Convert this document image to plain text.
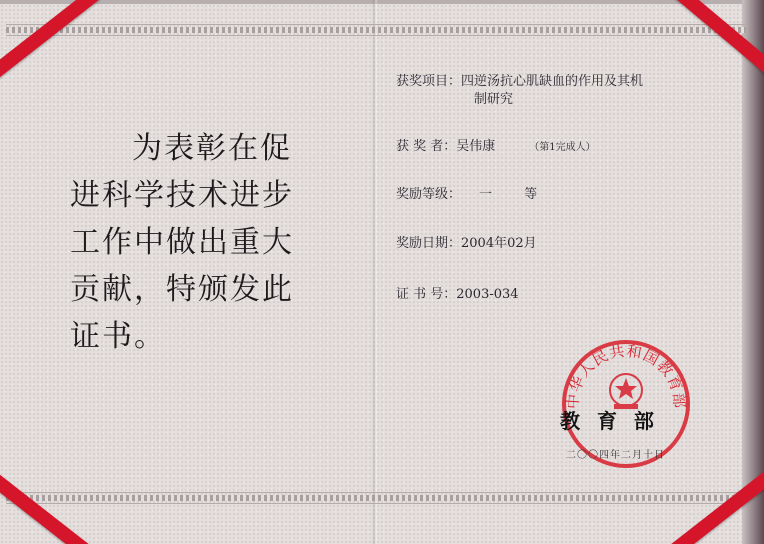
为表彰在促
进科学技术进步
工作中做出重大
贡献，特颁发此
证书。
获奖项目：四逆汤抗心肌缺血的作用及其机
制研究
获 奖 者：吴伟康	（第1完成人）
奖励等级： 一 等
奖励日期：2004年02月
证 书 号：2003-034
中华人民共和国教育部
教 育 部
二〇〇四年二月十日
